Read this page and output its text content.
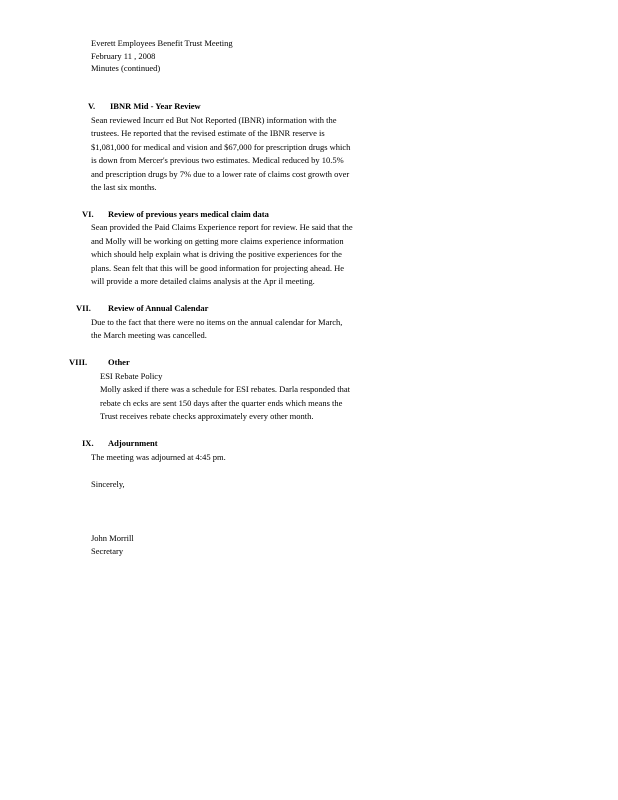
Everett Employees Benefit Trust Meeting
February 11 , 2008
Minutes (continued)
V. IBNR Mid - Year Review
Sean reviewed Incurr ed But Not Reported (IBNR) information with the
trustees. He reported that the revised estimate of the IBNR reserve is
$1,081,000 for medical and vision and $67,000 for prescription drugs which
is down from Mercer's previous two estimates. Medical reduced by 10.5%
and prescription drugs by 7% due to a lower rate of claims cost growth over
the last six months.
VI. Review of previous years medical claim data
Sean provided the Paid Claims Experience report for review. He said that the
and Molly will be working on getting more claims experience information
which should help explain what is driving the positive experiences for the
plans. Sean felt that this will be good information for projecting ahead. He
will provide a more detailed claims analysis at the Apr il meeting.
VII. Review of Annual Calendar
Due to the fact that there were no items on the annual calendar for March,
the March meeting was cancelled.
VIII. Other
ESI Rebate Policy
Molly asked if there was a schedule for ESI rebates. Darla responded that
rebate ch ecks are sent 150 days after the quarter ends which means the
Trust receives rebate checks approximately every other month.
IX. Adjournment
The meeting was adjourned at 4:45 pm.
Sincerely,
John Morrill
Secretary
